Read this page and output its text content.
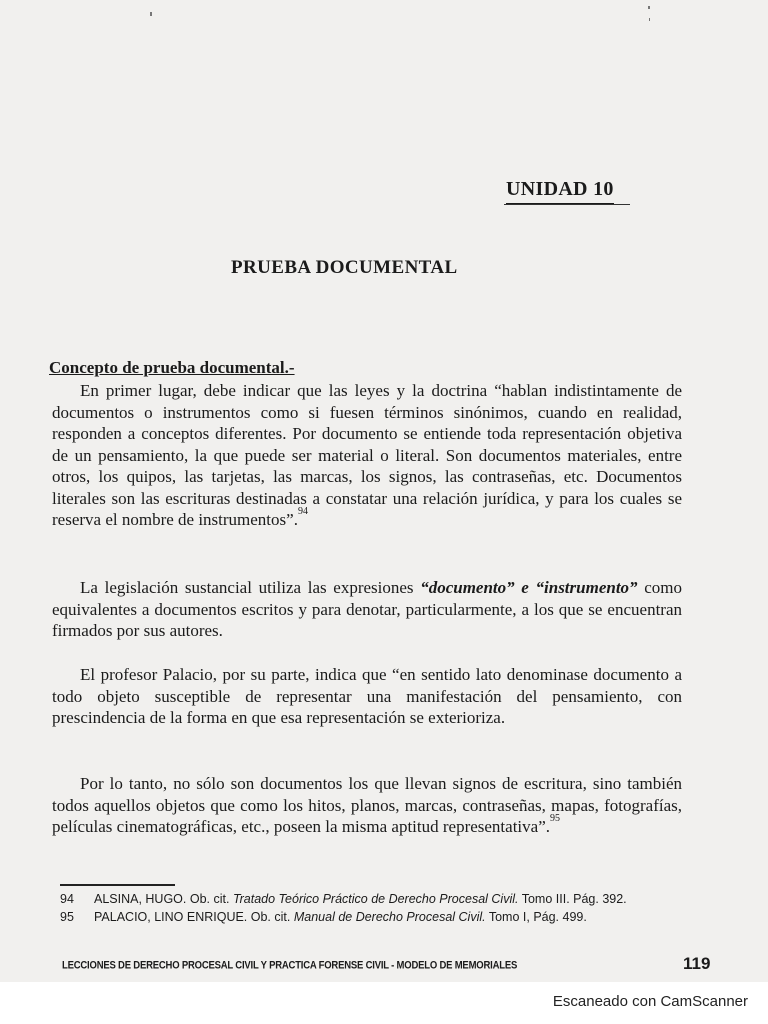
UNIDAD 10
PRUEBA DOCUMENTAL
Concepto de prueba documental.-
En primer lugar, debe indicar que las leyes y la doctrina “hablan indistintamente de documentos o instrumentos como si fuesen términos sinónimos, cuando en realidad, responden a conceptos diferentes. Por documento se entiende toda representación objetiva de un pensamiento, la que puede ser material o literal. Son documentos materiales, entre otros, los quipos, las tarjetas, las marcas, los signos, las contraseñas, etc. Documentos literales son las escrituras destinadas a constatar una relación jurídica, y para los cuales se reserva el nombre de instrumentos”.$^{94}$
La legislación sustancial utiliza las expresiones “documento” e “instrumento” como equivalentes a documentos escritos y para denotar, particularmente, a los que se encuentran firmados por sus autores.
El profesor Palacio, por su parte, indica que “en sentido lato denominase documento a todo objeto susceptible de representar una manifestación del pensamiento, con prescindencia de la forma en que esa representación se exterioriza.
Por lo tanto, no sólo son documentos los que llevan signos de escritura, sino también todos aquellos objetos que como los hitos, planos, marcas, contraseñas, mapas, fotografías, películas cinematográficas, etc., poseen la misma aptitud representativa”.$^{95}$
94 ALSINA, HUGO. Ob. cit. Tratado Teórico Práctico de Derecho Procesal Civil. Tomo III. Pág. 392.
95 PALACIO, LINO ENRIQUE. Ob. cit. Manual de Derecho Procesal Civil. Tomo I, Pág. 499.
LECCIONES DE DERECHO PROCESAL CIVIL Y PRACTICA FORENSE CIVIL - MODELO DE MEMORIALES	119
Escaneado con CamScanner
